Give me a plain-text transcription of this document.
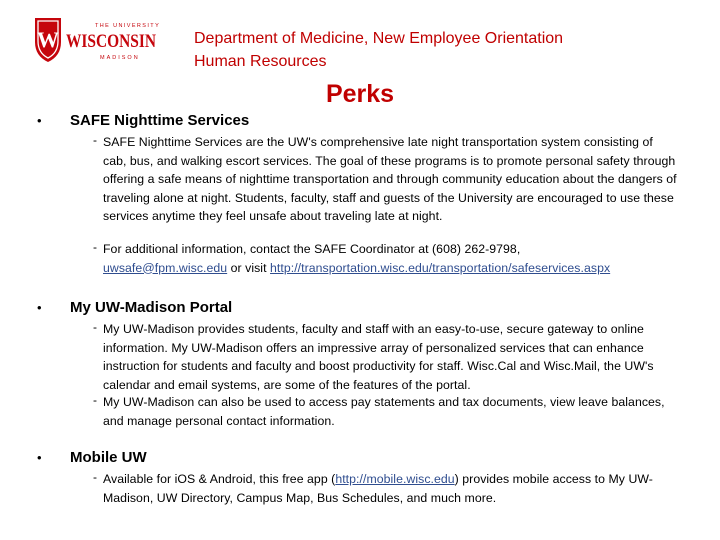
W
THE UNIVERSITY
WISCONSIN
MADISON
Department of Medicine, New Employee Orientation
Human Resources
Perks
• SAFE Nighttime Services
- SAFE Nighttime Services are the UW's comprehensive late night transportation system consisting of cab, bus, and walking escort services. The goal of these programs is to promote personal safety through offering a safe means of nighttime transportation and through community education about the dangers of traveling alone at night. Students, faculty, staff and guests of the University are encouraged to use these services anytime they feel unsafe about traveling late at night.
- For additional information, contact the SAFE Coordinator at (608) 262-9798,
uwsafe@fpm.wisc.edu or visit http://transportation.wisc.edu/transportation/safeservices.aspx
• My UW-Madison Portal
- My UW-Madison provides students, faculty and staff with an easy-to-use, secure gateway to online information. My UW-Madison offers an impressive array of personalized services that can enhance instruction for students and faculty and boost productivity for staff. Wisc.Cal and Wisc.Mail, the UW's calendar and email systems, are some of the features of the portal.
- My UW-Madison can also be used to access pay statements and tax documents, view leave balances, and manage personal contact information.
• Mobile UW
- Available for iOS & Android, this free app (http://mobile.wisc.edu) provides mobile access to My UW-Madison, UW Directory, Campus Map, Bus Schedules, and much more.
